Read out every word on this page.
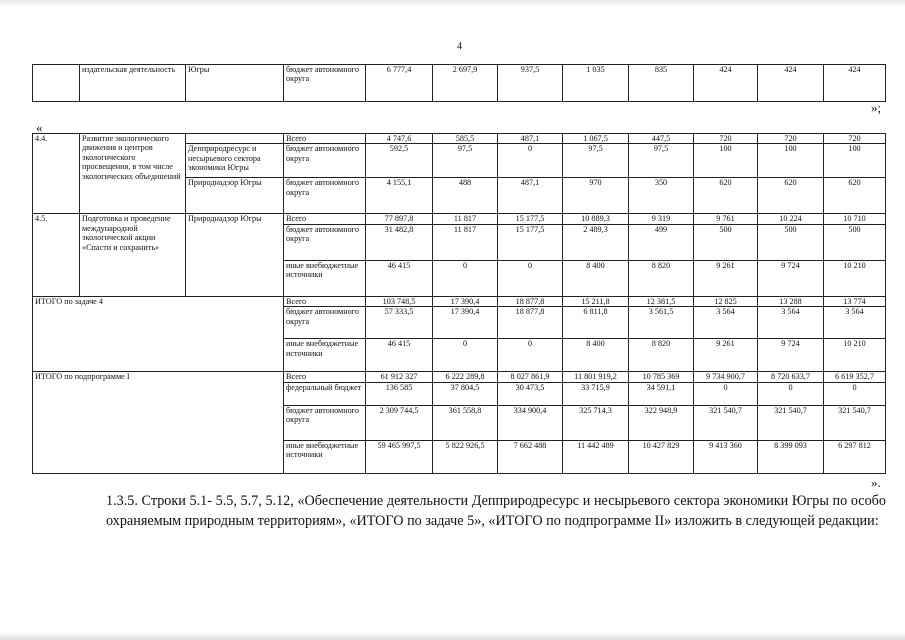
4
	издательская деятельность	Югры	бюджет автономного округа	6 777,4	2 697,9	937,5	1 035	835	424	424	424
»;
«
4.4.	Развитие экологического движения и центров экологического просвещения, в том числе экологических объединений		Всего	4 747,6	585,5	487,1	1 067,5	447,5	720	720	720
		Депприродресурс и несырьевого сектора экономики Югры	бюджет автономного округа	592,5	97,5	0	97,5	97,5	100	100	100
		Природнадзор Югры	бюджет автономного округа	4 155,1	488	487,1	970	350	620	620	620
4.5.	Подготовка и проведение международной экологической акции «Спасти и сохранить»	Природнадзор Югры	Всего	77 897,8	11 817	15 177,5	10 889,3	9 319	9 761	10 224	10 710
			бюджет автономного округа	31 482,8	11 817	15 177,5	2 489,3	499	500	500	500
			иные внебюджетные источники	46 415	0	0	8 400	8 820	9 261	9 724	10 210
ИТОГО по задаче 4			Всего	103 748,5	17 390,4	18 877,8	15 211,8	12 381,5	12 825	13 288	13 774
			бюджет автономного округа	57 333,5	17 390,4	18 877,8	6 811,8	3 561,5	3 564	3 564	3 564
			иные внебюджетные источники	46 415	0	0	8 400	8 820	9 261	9 724	10 210
ИТОГО по подпрограмме I			Всего	61 912 327	6 222 289,8	8 027 861,9	11 801 919,2	10 785 369	9 734 900,7	8 720 633,7	6 619 352,7
			федеральный бюджет	136 585	37 804,5	30 473,5	33 715,9	34 591,1	0	0	0
			бюджет автономного округа	2 309 744,5	361 558,8	334 900,4	325 714,3	322 948,9	321 540,7	321 540,7	321 540,7
			иные внебюджетные источники	59 465 997,5	5 822 926,5	7 662 488	11 442 489	10 427 829	9 413 360	8 399 093	6 297 812
».

1.3.5. Строки 5.1- 5.5, 5.7, 5.12, «Обеспечение деятельности Депприродресурс и несырьевого сектора экономики Югры по особо охраняемым природным территориям», «ИТОГО по задаче 5», «ИТОГО по подпрограмме II» изложить в следующей редакции:
